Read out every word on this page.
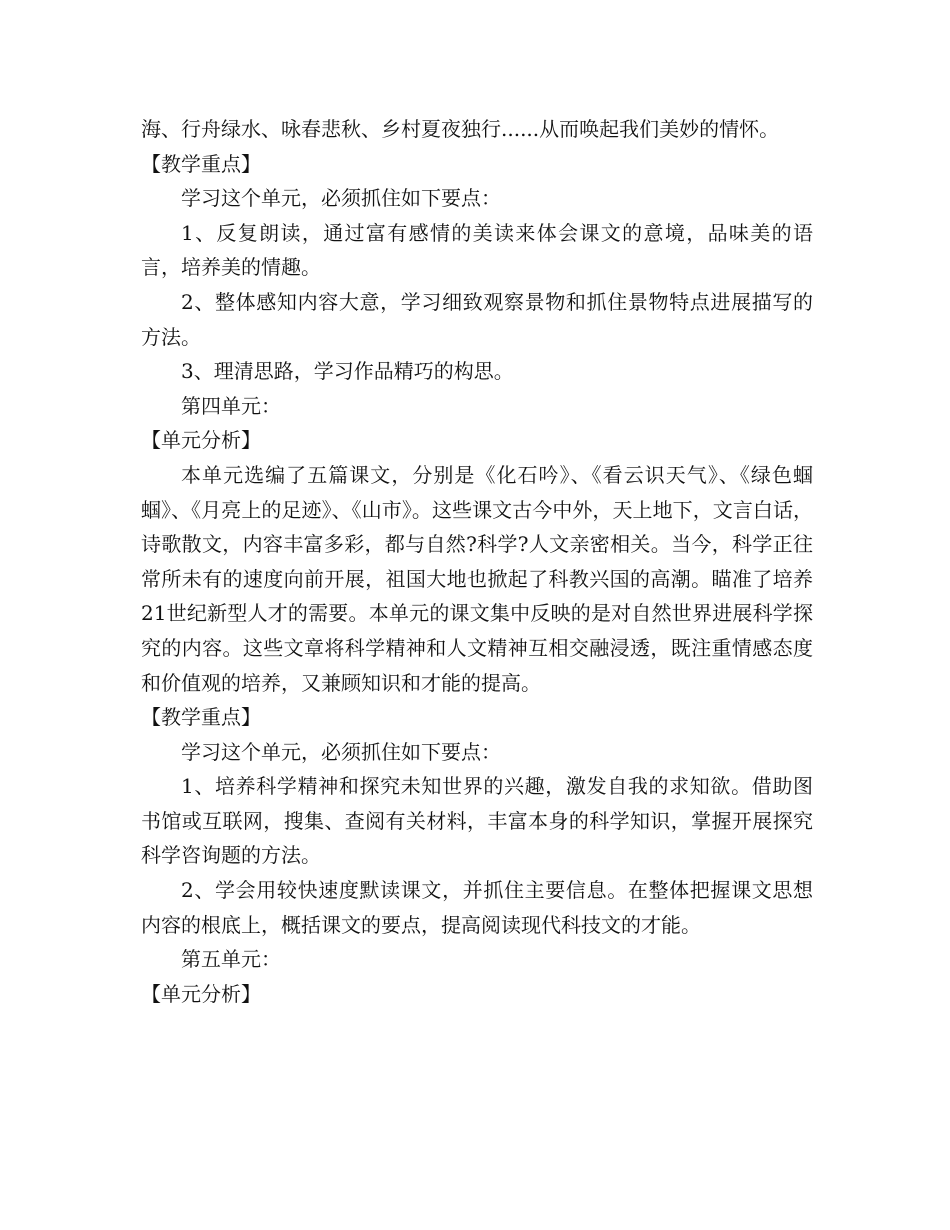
海、行舟绿水、咏春悲秋、乡村夏夜独行......从而唤起我们美妙的情怀。

【教学重点】

学习这个单元，必须抓住如下要点：

1、反复朗读，通过富有感情的美读来体会课文的意境，品味美的语言，培养美的情趣。

2、整体感知内容大意，学习细致观察景物和抓住景物特点进展描写的方法。

3、理清思路，学习作品精巧的构思。

第四单元：

【单元分析】

本单元选编了五篇课文，分别是《化石吟》、《看云识天气》、《绿色蝈蝈》、《月亮上的足迹》、《山市》。这些课文古今中外，天上地下，文言白话，诗歌散文，内容丰富多彩，都与自然?科学?人文亲密相关。当今，科学正往常所未有的速度向前开展，祖国大地也掀起了科教兴国的高潮。瞄准了培养21世纪新型人才的需要。本单元的课文集中反映的是对自然世界进展科学探究的内容。这些文章将科学精神和人文精神互相交融浸透，既注重情感态度和价值观的培养，又兼顾知识和才能的提高。

【教学重点】

学习这个单元，必须抓住如下要点：

1、培养科学精神和探究未知世界的兴趣，激发自我的求知欲。借助图书馆或互联网，搜集、查阅有关材料，丰富本身的科学知识，掌握开展探究科学咨询题的方法。

2、学会用较快速度默读课文，并抓住主要信息。在整体把握课文思想内容的根底上，概括课文的要点，提高阅读现代科技文的才能。

第五单元：

【单元分析】
